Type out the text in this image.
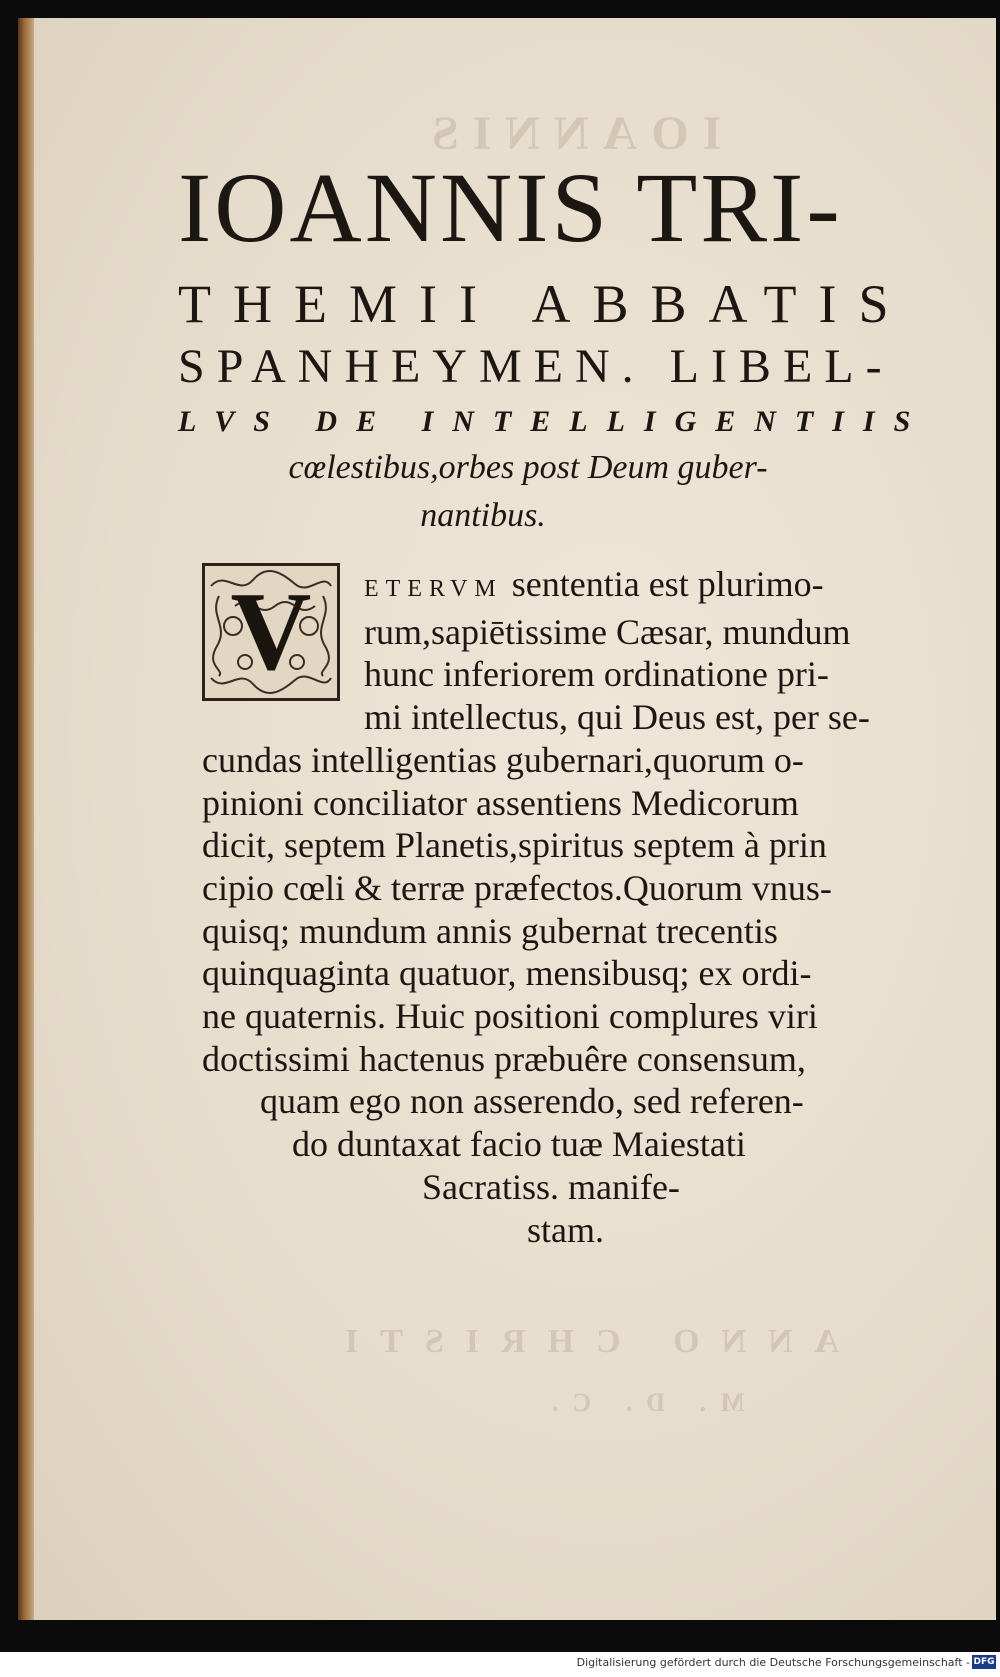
IOANNIS
ANNO CHRISTI
M. D. C.
IOANNIS TRI-
THEMII ABBATIS
SPANHEYMEN. LIBEL-
LVS DE INTELLIGENTIIS
cœlestibus,orbes post Deum guber-
nantibus.
V	ETERVM sententia est plurimo-
rum,sapiētissime Cæsar, mundum
hunc inferiorem ordinatione pri-
mi intellectus, qui Deus est, per se-
cundas intelligentias gubernari,quorum o-
pinioni conciliator assentiens Medicorum
dicit, septem Planetis,spiritus septem à prin
cipio cœli & terræ præfectos.Quorum vnus-
quisq; mundum annis gubernat trecentis
quinquaginta quatuor, mensibusq; ex ordi-
ne quaternis. Huic positioni complures viri
doctissimi hactenus præbuêre consensum,
quam ego non asserendo, sed referen-
do duntaxat facio tuæ Maiestati
Sacratiss. manife-
stam.
Digitalisierung gefördert durch die Deutsche Forschungsgemeinschaft - DFG
